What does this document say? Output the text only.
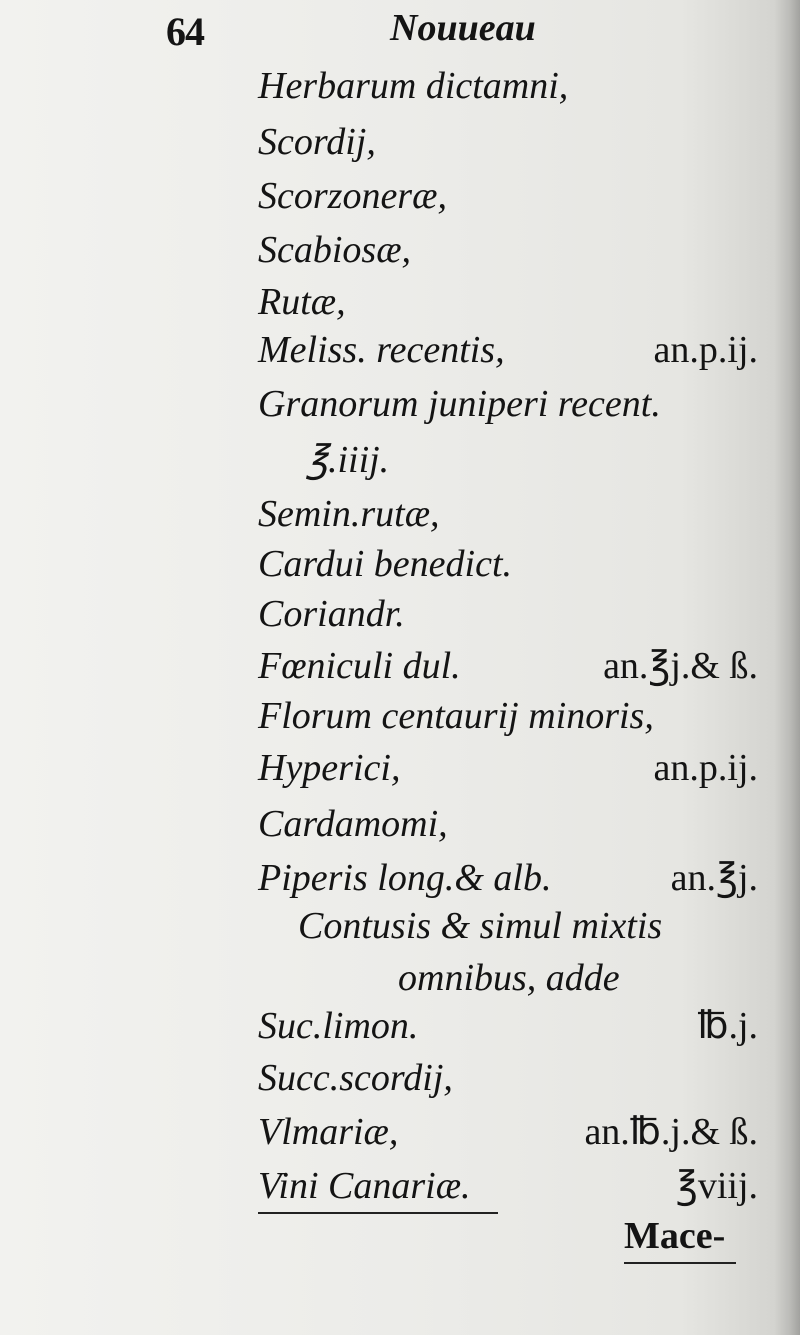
64	Nouueau
Herbarum dictamni,
Scordij,
Scorzoneræ,
Scabiosæ,
Rutæ,
Meliss. recentis,	an.p.ij.
Granorum juniperi recent.
℥.iiij.
Semin.rutæ,
Cardui benedict.
Coriandr.
Fœniculi dul.	an.℥j.& ß.
Florum centaurij minoris,
Hyperici,	an.p.ij.
Cardamomi,
Piperis long.& alb.	an.℥j.
Contusis & simul mixtis
omnibus, adde
Suc.limon.	℔.j.
Succ.scordij,
Vlmariæ,	an.℔.j.& ß.
Vini Canariæ.	℥viij.
Mace-
